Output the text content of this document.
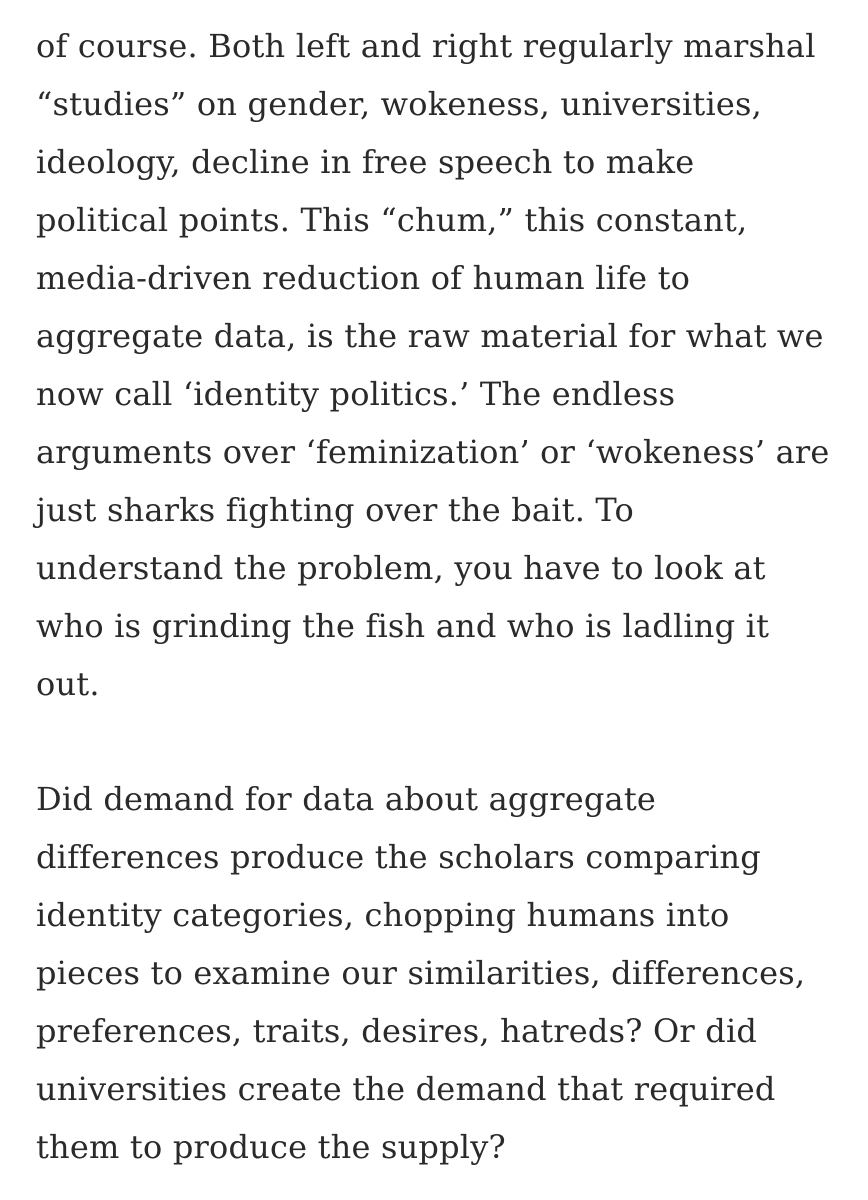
of course. Both left and right regularly marshal
“studies” on gender, wokeness, universities,
ideology, decline in free speech to make
political points. This “chum,” this constant,
media-driven reduction of human life to
aggregate data, is the raw material for what we
now call ‘identity politics.’ The endless
arguments over ‘feminization’ or ‘wokeness’ are
just sharks fighting over the bait. To
understand the problem, you have to look at
who is grinding the fish and who is ladling it
out.
Did demand for data about aggregate
differences produce the scholars comparing
identity categories, chopping humans into
pieces to examine our similarities, differences,
preferences, traits, desires, hatreds? Or did
universities create the demand that required
them to produce the supply?
